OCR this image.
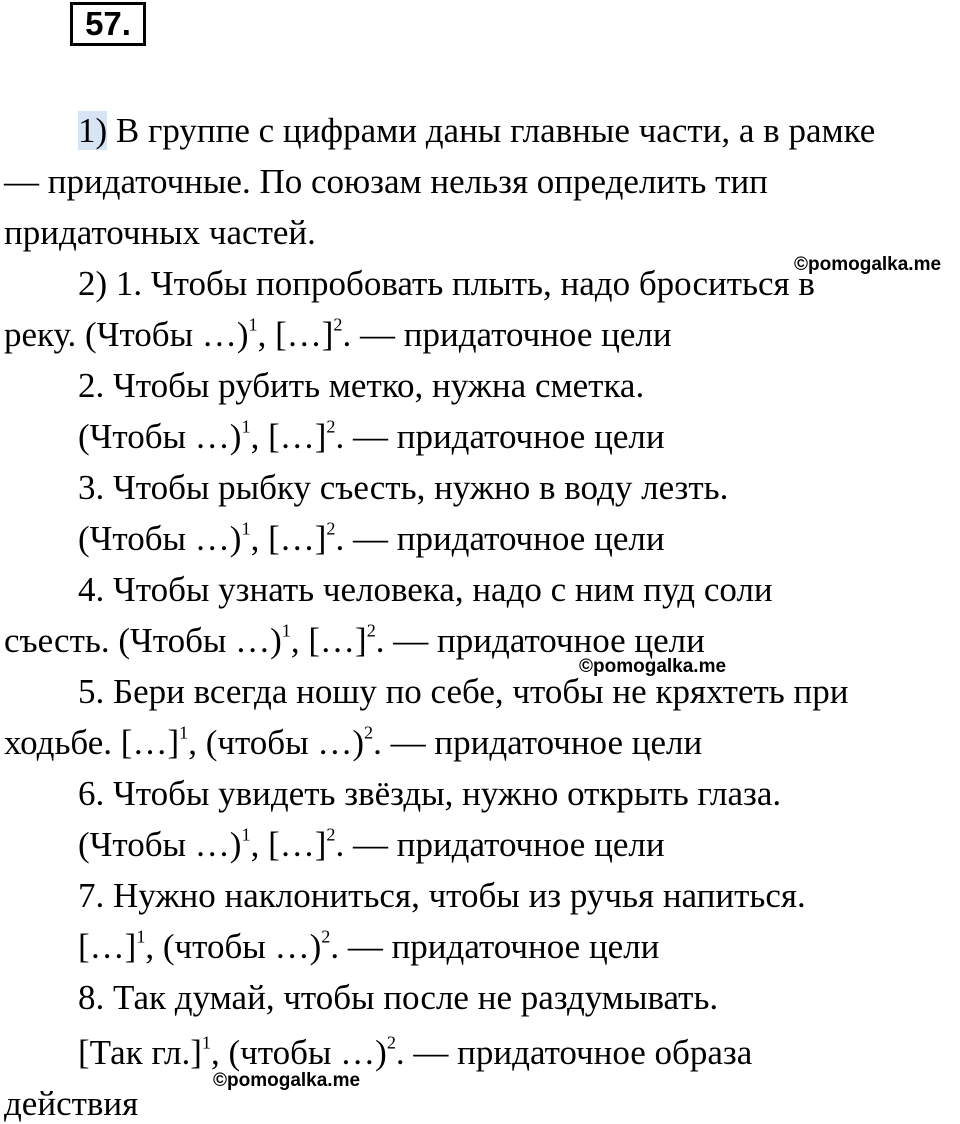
57.
1) В группе с цифрами даны главные части, а в рамке
— придаточные. По союзам нельзя определить тип
придаточных частей.
2) 1. Чтобы попробовать плыть, надо броситься в
реку. (Чтобы …)$^1$, […]$^2$. — придаточное цели
2. Чтобы рубить метко, нужна сметка.
(Чтобы …)$^1$, […]$^2$. — придаточное цели
3. Чтобы рыбку съесть, нужно в воду лезть.
(Чтобы …)$^1$, […]$^2$. — придаточное цели
4. Чтобы узнать человека, надо с ним пуд соли
съесть. (Чтобы …)$^1$, […]$^2$. — придаточное цели
5. Бери всегда ношу по себе, чтобы не кряхтеть при
ходьбе. […]$^1$, (чтобы …)$^2$. — придаточное цели
6. Чтобы увидеть звёзды, нужно открыть глаза.
(Чтобы …)$^1$, […]$^2$. — придаточное цели
7. Нужно наклониться, чтобы из ручья напиться.
[…]$^1$, (чтобы …)$^2$. — придаточное цели
8. Так думай, чтобы после не раздумывать.
[Так гл.]$^1$, (чтобы …)$^2$. — придаточное образа
действия
©pomogalka.me
©pomogalka.me
©pomogalka.me
